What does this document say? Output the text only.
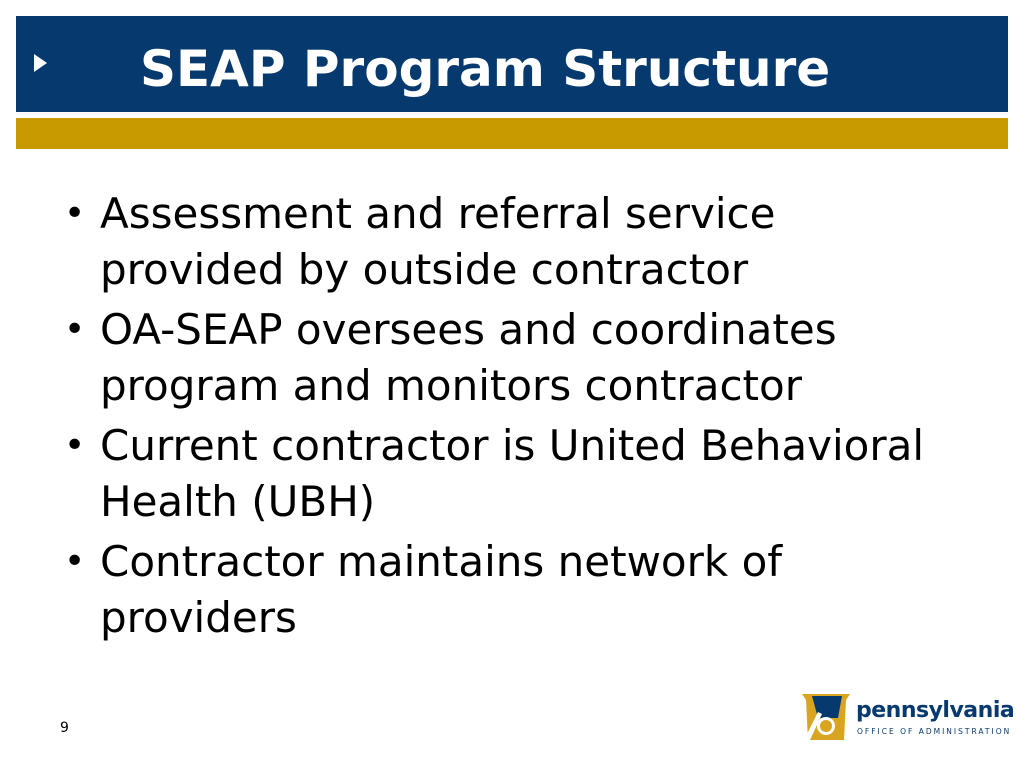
SEAP Program Structure
• Assessment and referral service provided by outside contractor
• OA-SEAP oversees and coordinates program and monitors contractor
• Current contractor is United Behavioral Health (UBH)
• Contractor maintains network of providers
9
pennsylvania
OFFICE OF ADMINISTRATION
